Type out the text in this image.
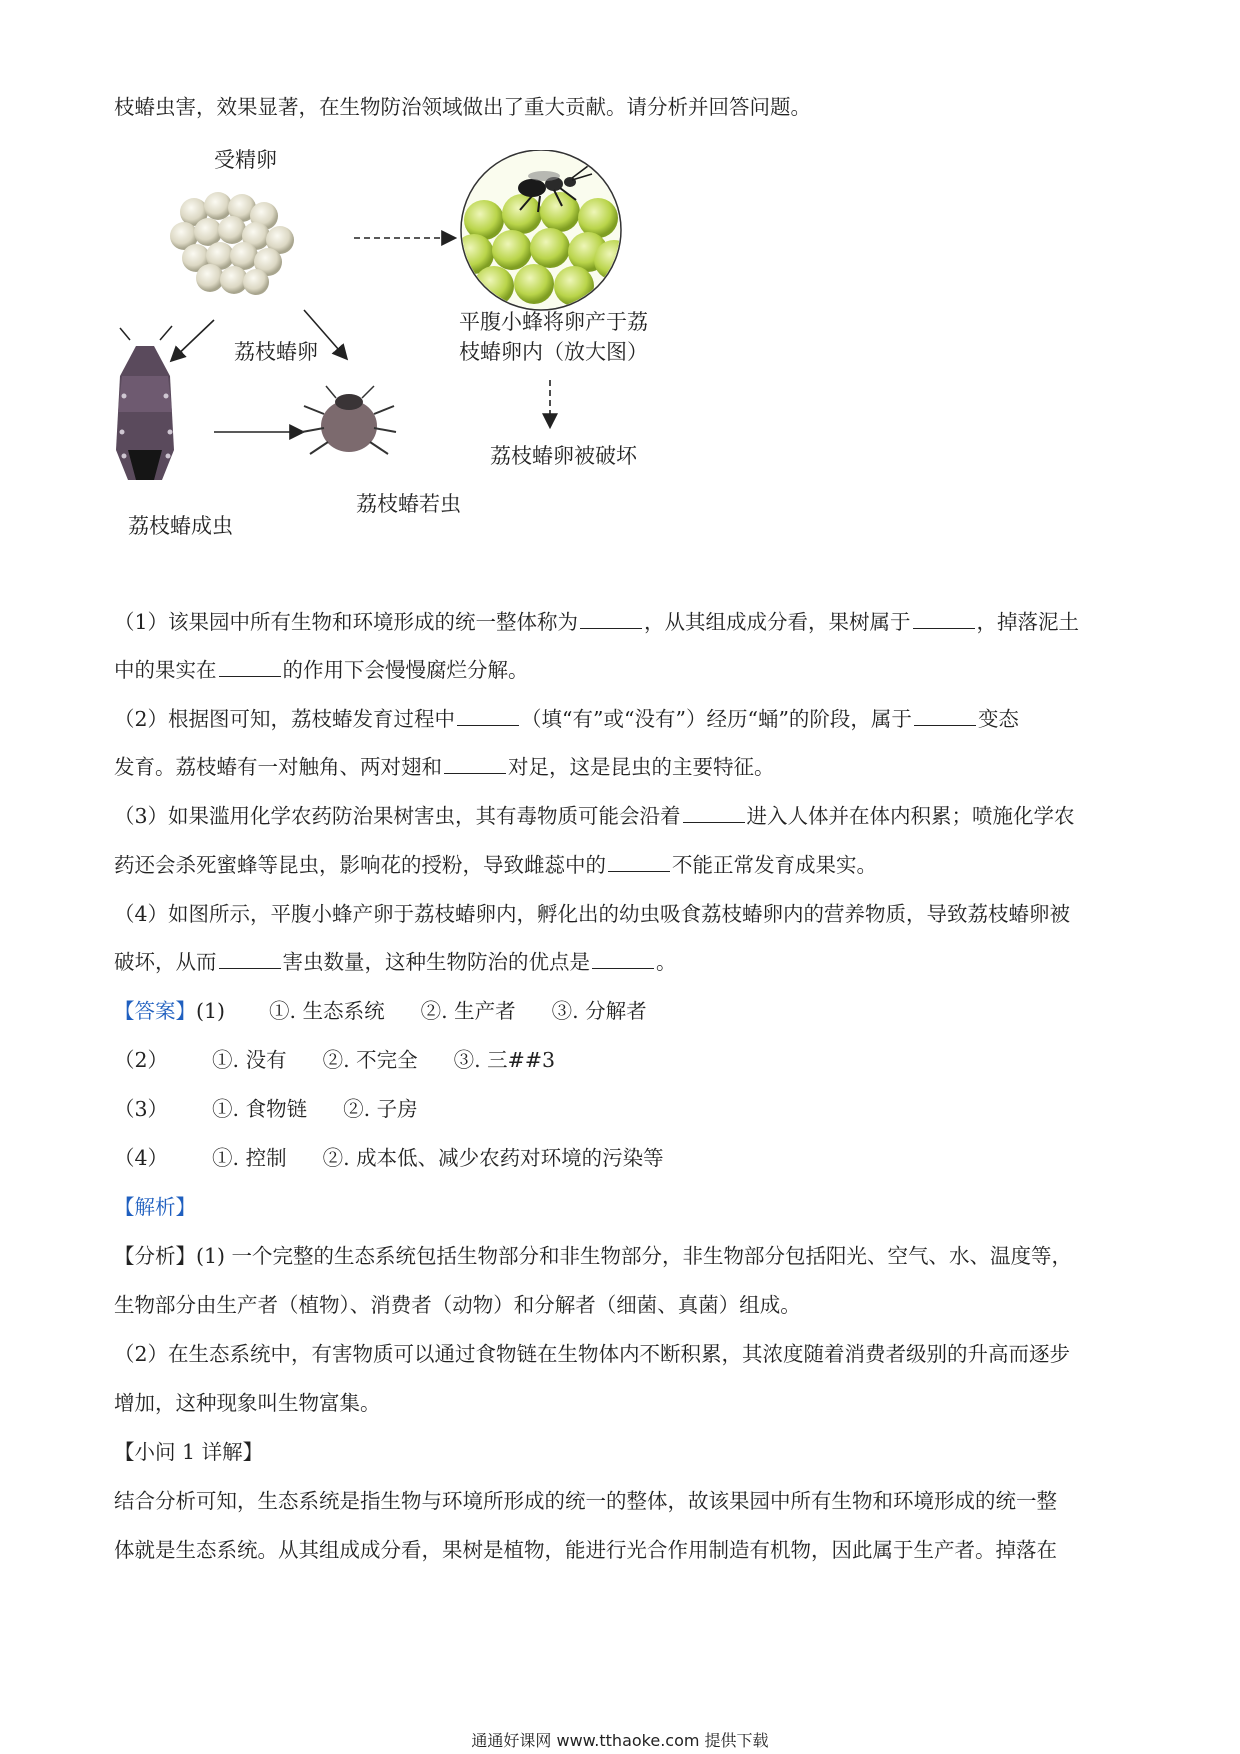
枝蝽虫害，效果显著，在生物防治领域做出了重大贡献。请分析并回答问题。
受精卵
荔枝蝽卵
平腹小蜂将卵产于荔
枝蝽卵内（放大图）
荔枝蝽卵被破坏
荔枝蝽成虫
荔枝蝽若虫
（1）该果园中所有生物和环境形成的统一整体称为	，从其组成成分看，果树属于	，掉落泥土
中的果实在	的作用下会慢慢腐烂分解。
（2）根据图可知，荔枝蝽发育过程中	（填“有”或“没有”）经历“蛹”的阶段，属于	变态
发育。荔枝蝽有一对触角、两对翅和	对足，这是昆虫的主要特征。
（3）如果滥用化学农药防治果树害虫，其有毒物质可能会沿着	进入人体并在体内积累；喷施化学农
药还会杀死蜜蜂等昆虫，影响花的授粉，导致雌蕊中的	不能正常发育成果实。
（4）如图所示，平腹小蜂产卵于荔枝蝽卵内，孵化出的幼虫吸食荔枝蝽卵内的营养物质，导致荔枝蝽卵被
破坏，从而	害虫数量，这种生物防治的优点是	。
【答案】(1) ①. 生态系统 ②. 生产者 ③. 分解者
（2） ①. 没有 ②. 不完全 ③. 三##3
（3） ①. 食物链 ②. 子房
（4） ①. 控制 ②. 成本低、减少农药对环境的污染等
【解析】
【分析】(1) 一个完整的生态系统包括生物部分和非生物部分，非生物部分包括阳光、空气、水、温度等，
生物部分由生产者（植物）、消费者（动物）和分解者（细菌、真菌）组成。
（2）在生态系统中，有害物质可以通过食物链在生物体内不断积累，其浓度随着消费者级别的升高而逐步
增加，这种现象叫生物富集。
【小问 1 详解】
结合分析可知，生态系统是指生物与环境所形成的统一的整体，故该果园中所有生物和环境形成的统一整
体就是生态系统。从其组成成分看，果树是植物，能进行光合作用制造有机物，因此属于生产者。掉落在
通通好课网 www.tthaoke.com 提供下载
